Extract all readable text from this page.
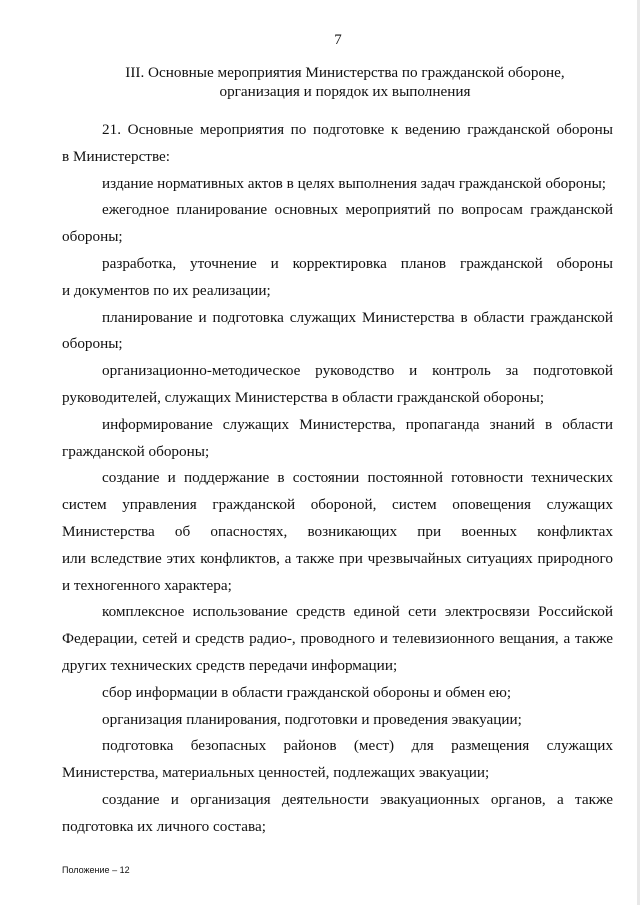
7

III. Основные мероприятия Министерства по гражданской обороне,
организация и порядок их выполнения
21. Основные мероприятия по подготовке к ведению гражданской обороны
в Министерстве:
издание нормативных актов в целях выполнения задач гражданской обороны;
ежегодное планирование основных мероприятий по вопросам гражданской
обороны;
разработка, уточнение и корректировка планов гражданской обороны
и документов по их реализации;
планирование и подготовка служащих Министерства в области гражданской
обороны;
организационно-методическое руководство и контроль за подготовкой
руководителей, служащих Министерства в области гражданской обороны;
информирование служащих Министерства, пропаганда знаний в области
гражданской обороны;
создание и поддержание в состоянии постоянной готовности технических
систем управления гражданской обороной, систем оповещения служащих
Министерства об опасностях, возникающих при военных конфликтах
или вследствие этих конфликтов, а также при чрезвычайных ситуациях природного
и техногенного характера;
комплексное использование средств единой сети электросвязи Российской
Федерации, сетей и средств радио-, проводного и телевизионного вещания, а также
других технических средств передачи информации;
сбор информации в области гражданской обороны и обмен ею;
организация планирования, подготовки и проведения эвакуации;
подготовка безопасных районов (мест) для размещения служащих
Министерства, материальных ценностей, подлежащих эвакуации;
создание и организация деятельности эвакуационных органов, а также
подготовка их личного состава;

Положение – 12
